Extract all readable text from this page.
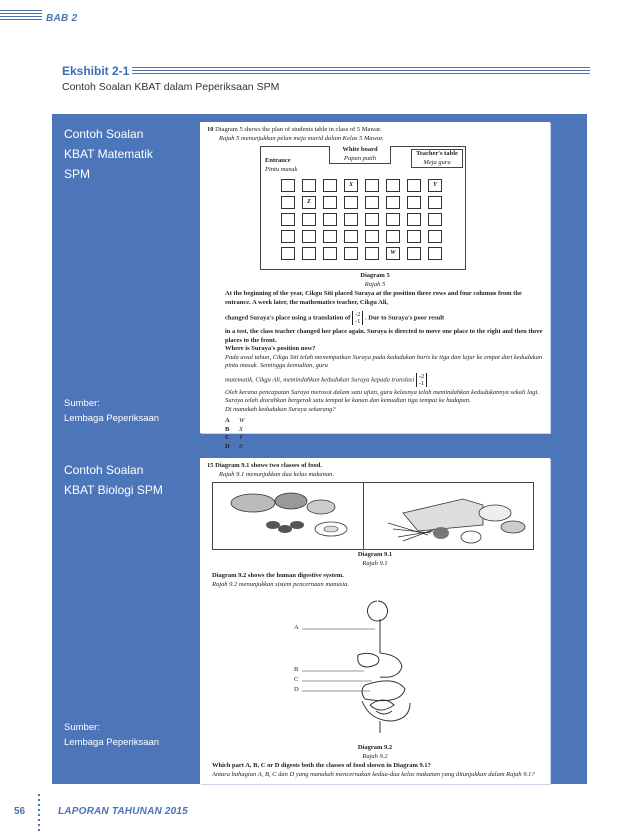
BAB 2
Ekshibit 2-1
Contoh Soalan KBAT dalam Peperiksaan SPM
Contoh Soalan
KBAT Matematik
SPM
Sumber:
Lembaga Peperiksaan
10 Diagram 5 shows the plan of students table in class of 5 Mawar.
Rajah 5 menunjukkan pelan meja murid dalam Kelas 5 Mawar.
White board
Papan putih
Entrance
Pintu masuk
Teacher's table
Meja guru
X	Y
Z
W
Diagram 5
Rajah 5
At the beginning of the year, Cikgu Siti placed Suraya at the position three rows and four columns from the entrance. A week later, the mathematics teacher, Cikgu Ali,
changed Suraya's place using a translation of -2
-1 . Due to Suraya's poor result
in a test, the class teacher changed her place again. Suraya is directed to move one place to the right and then three places to the front.
Where is Suraya's position now?
Pada awal tahun, Cikgu Siti telah menempatkan Suraya pada kedudukan baris ke tiga dan lajur ke empat dari kedudukan pintu masuk. Seminggu kemudian, guru
matematik, Cikgu Ali, memindahkan kedudukan Suraya kepada translasi -2
-1
Oleh kerana pencapaian Suraya merosot dalam satu ujian, guru kelasnya telah memindahkan kedudukannya sekali lagi. Suraya telah diarahkan bergerak satu tempat ke kanan dan kemudian tiga tempat ke hadapan.
Di manakah kedudukan Suraya sekarang?
A W
B X
C Y
D Z
Contoh Soalan
KBAT Biologi SPM
Sumber:
Lembaga Peperiksaan
15 Diagram 9.1 shows two classes of food.
Rajah 9.1 menunjukkan dua kelas makanan.
Diagram 9.1
Rajah 9.1
Diagram 9.2 shows the human digestive system.
Rajah 9.2 menunjukkan sistem pencernaan manusia.
A
B
C
D
Diagram 9.2
Rajah 9.2
Which part A, B, C or D digests both the classes of food shown in Diagram 9.1?
Antara bahagian A, B, C dan D yang manakah mencernakan kedua-dua kelas makanan yang ditunjukkan dalam Rajah 9.1?
56	LAPORAN TAHUNAN 2015
